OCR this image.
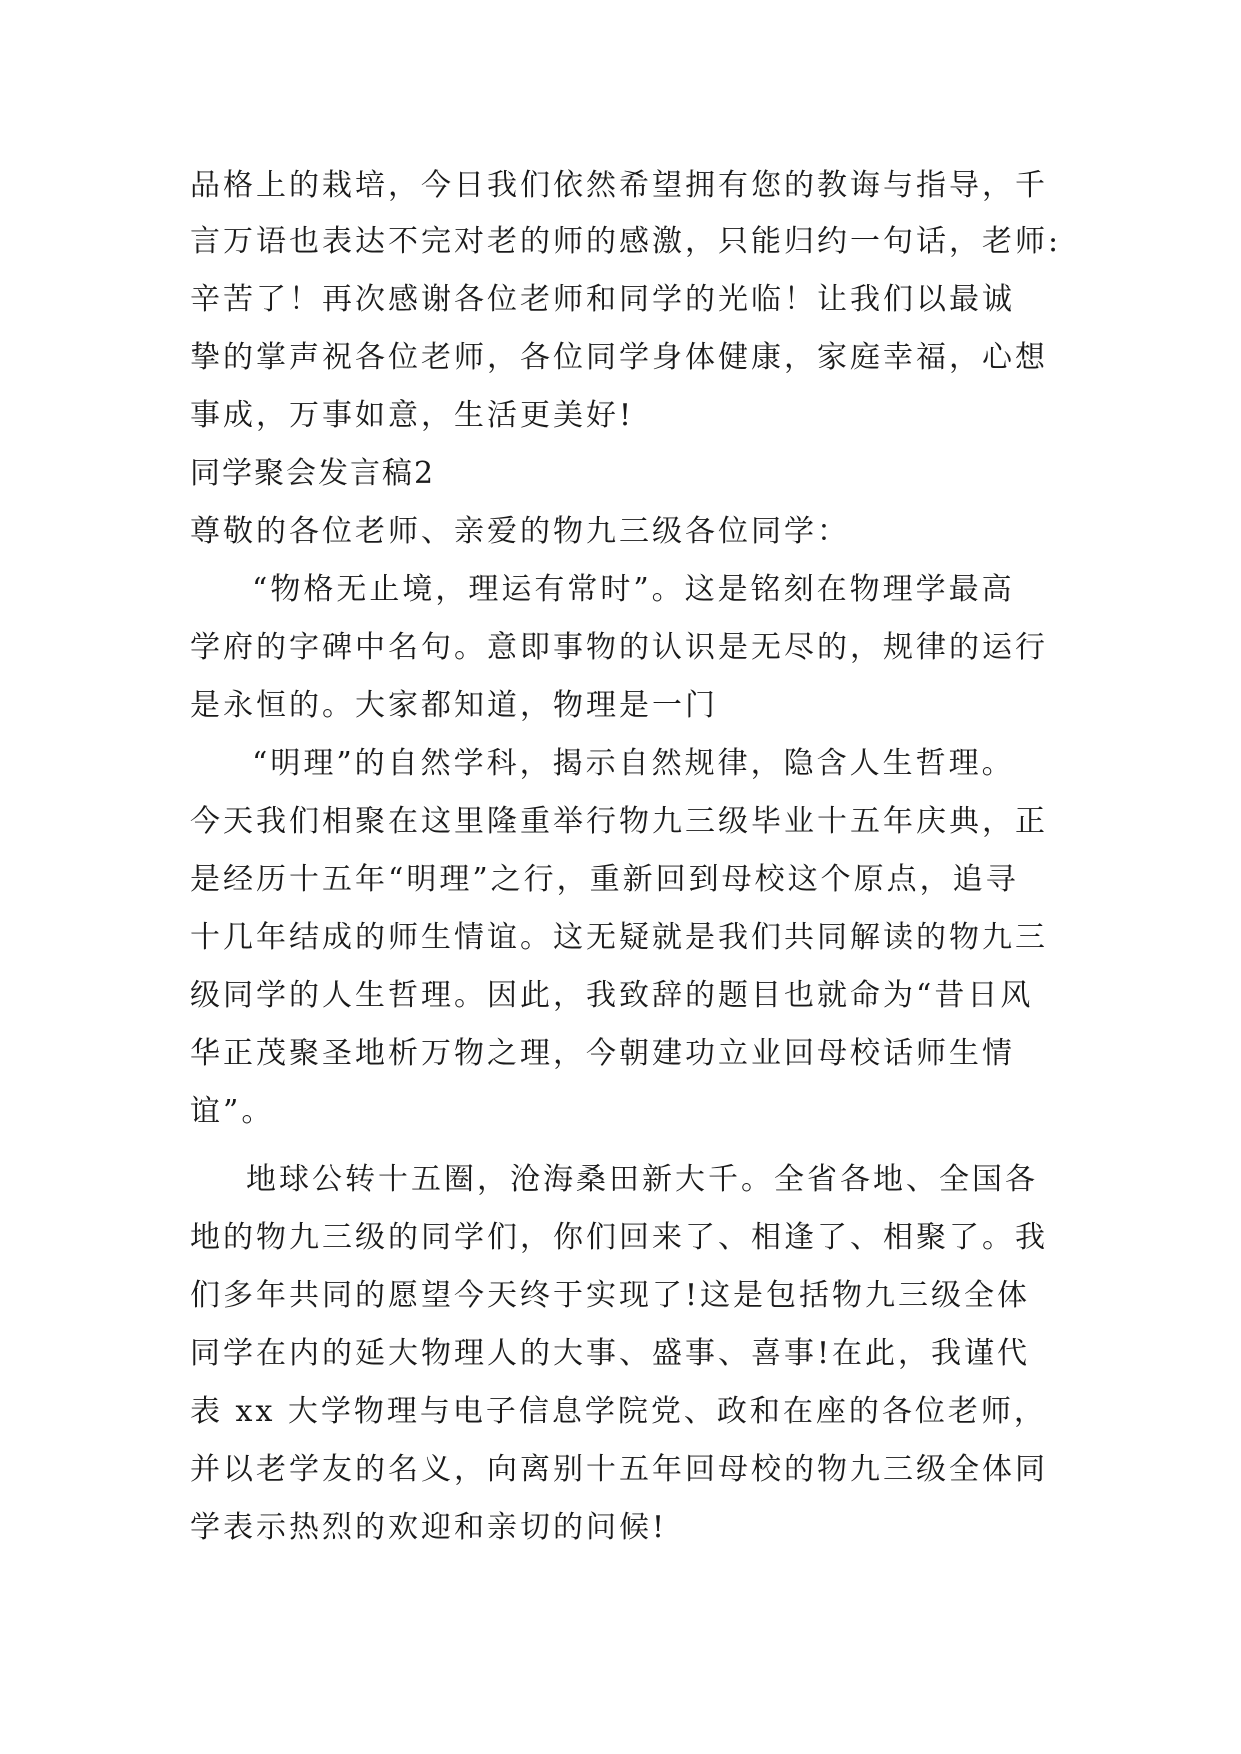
品格上的栽培，今日我们依然希望拥有您的教诲与指导，千
言万语也表达不完对老的师的感激，只能归约一句话，老师:
辛苦了！再次感谢各位老师和同学的光临！让我们以最诚
挚的掌声祝各位老师，各位同学身体健康，家庭幸福，心想
事成，万事如意，生活更美好!
同学聚会发言稿2
尊敬的各位老师、亲爱的物九三级各位同学：
“物格无止境，理运有常时”。这是铭刻在物理学最高
学府的字碑中名句。意即事物的认识是无尽的，规律的运行
是永恒的。大家都知道，物理是一门
“明理”的自然学科，揭示自然规律，隐含人生哲理。
今天我们相聚在这里隆重举行物九三级毕业十五年庆典，正
是经历十五年“明理”之行，重新回到母校这个原点，追寻
十几年结成的师生情谊。这无疑就是我们共同解读的物九三
级同学的人生哲理。因此，我致辞的题目也就命为“昔日风
华正茂聚圣地析万物之理，今朝建功立业回母校话师生情
谊”。
地球公转十五圈，沧海桑田新大千。全省各地、全国各
地的物九三级的同学们，你们回来了、相逢了、相聚了。我
们多年共同的愿望今天终于实现了!这是包括物九三级全体
同学在内的延大物理人的大事、盛事、喜事!在此，我谨代
表 xx 大学物理与电子信息学院党、政和在座的各位老师，
并以老学友的名义，向离别十五年回母校的物九三级全体同
学表示热烈的欢迎和亲切的问候!
